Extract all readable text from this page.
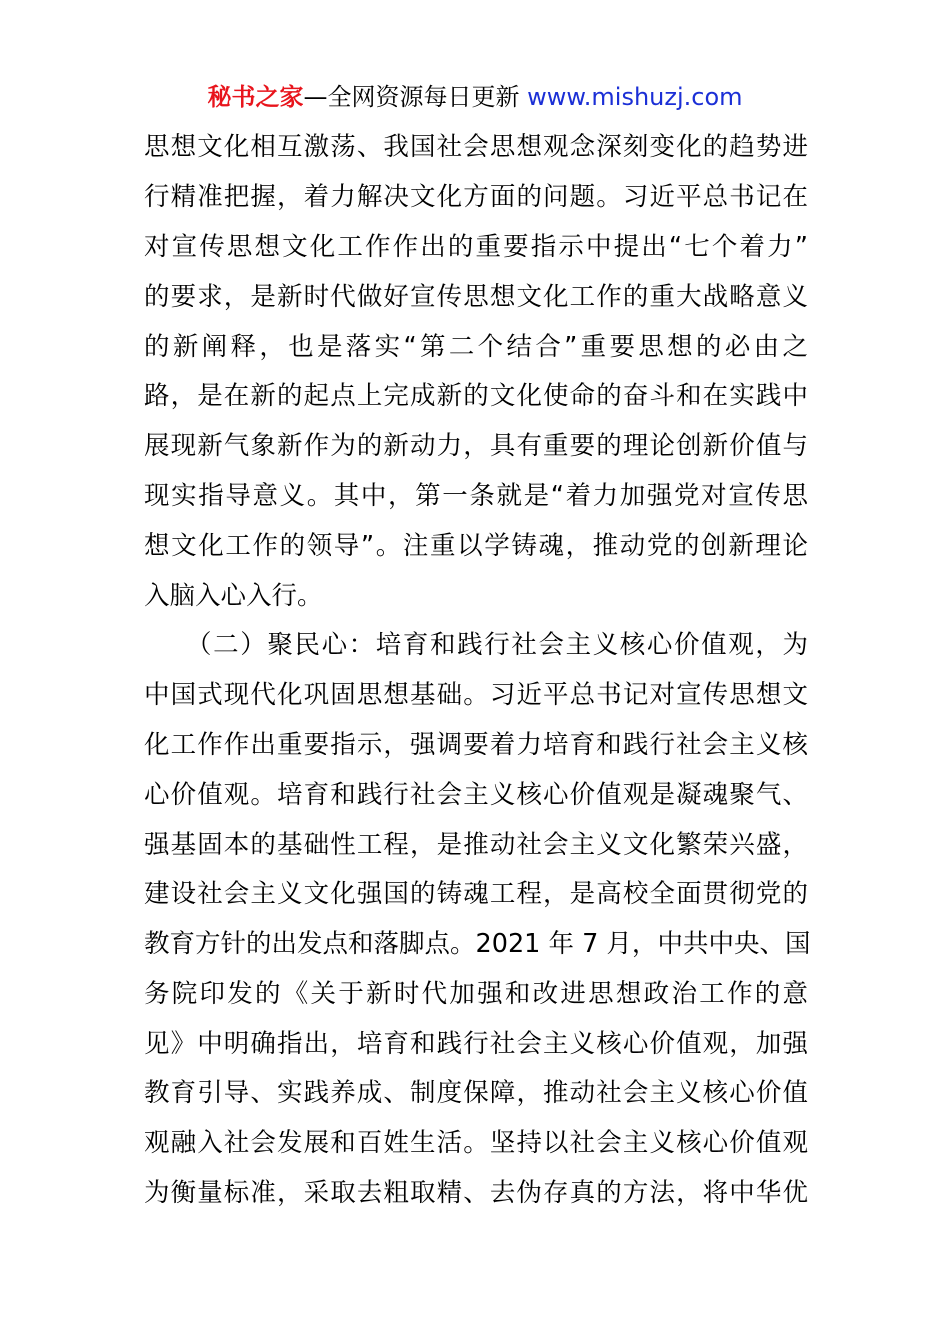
秘书之家—全网资源每日更新 www.mishuzj.com
思想文化相互激荡、我国社会思想观念深刻变化的趋势进
行精准把握，着力解决文化方面的问题。习近平总书记在
对宣传思想文化工作作出的重要指示中提出“七个着力”
的要求，是新时代做好宣传思想文化工作的重大战略意义
的新阐释，也是落实“第二个结合”重要思想的必由之
路，是在新的起点上完成新的文化使命的奋斗和在实践中
展现新气象新作为的新动力，具有重要的理论创新价值与
现实指导意义。其中，第一条就是“着力加强党对宣传思
想文化工作的领导”。注重以学铸魂，推动党的创新理论
入脑入心入行。
（二）聚民心：培育和践行社会主义核心价值观，为
中国式现代化巩固思想基础。习近平总书记对宣传思想文
化工作作出重要指示，强调要着力培育和践行社会主义核
心价值观。培育和践行社会主义核心价值观是凝魂聚气、
强基固本的基础性工程，是推动社会主义文化繁荣兴盛，
建设社会主义文化强国的铸魂工程，是高校全面贯彻党的
教育方针的出发点和落脚点。2021 年 7 月，中共中央、国
务院印发的《关于新时代加强和改进思想政治工作的意
见》中明确指出，培育和践行社会主义核心价值观，加强
教育引导、实践养成、制度保障，推动社会主义核心价值
观融入社会发展和百姓生活。坚持以社会主义核心价值观
为衡量标准，采取去粗取精、去伪存真的方法，将中华优
